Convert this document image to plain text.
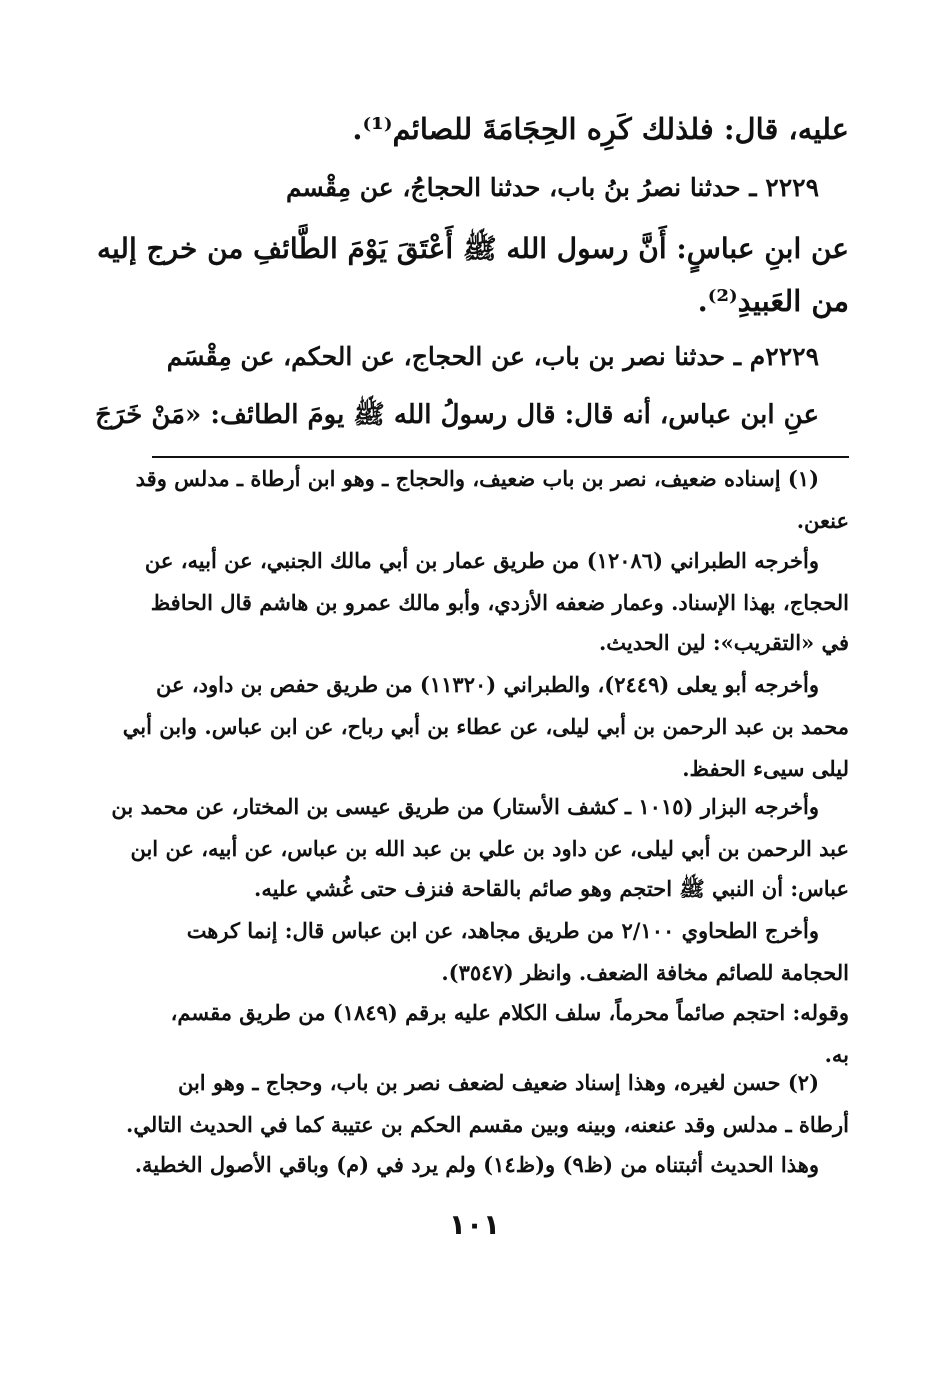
عليه، قال: فلذلك كَرِه الحِجَامَةَ للصائم⁽¹⁾.
٢٢٢٩ ـ حدثنا نصرُ بنُ باب، حدثنا الحجاجُ، عن مِقْسم
عن ابنِ عباسٍ: أَنَّ رسول الله ﷺ أَعْتَقَ يَوْمَ الطَّائفِ من خرج إليه
من العَبيدِ⁽²⁾.
٢٢٢٩م ـ حدثنا نصر بن باب، عن الحجاج، عن الحكم، عن مِقْسَم
عنِ ابن عباس، أنه قال: قال رسولُ الله ﷺ يومَ الطائف: «مَنْ خَرَجَ
(١) إسناده ضعيف، نصر بن باب ضعيف، والحجاج ـ وهو ابن أرطاة ـ مدلس وقد
عنعن.
وأخرجه الطبراني (١٢٠٨٦) من طريق عمار بن أبي مالك الجنبي، عن أبيه، عن
الحجاج، بهذا الإسناد. وعمار ضعفه الأزدي، وأبو مالك عمرو بن هاشم قال الحافظ
في «التقريب»: لين الحديث.
وأخرجه أبو يعلى (٢٤٤٩)، والطبراني (١١٣٢٠) من طريق حفص بن داود، عن
محمد بن عبد الرحمن بن أبي ليلى، عن عطاء بن أبي رباح، عن ابن عباس. وابن أبي
ليلى سيىء الحفظ.
وأخرجه البزار (١٠١٥ ـ كشف الأستار) من طريق عيسى بن المختار، عن محمد بن
عبد الرحمن بن أبي ليلى، عن داود بن علي بن عبد الله بن عباس، عن أبيه، عن ابن
عباس: أن النبي ﷺ احتجم وهو صائم بالقاحة فنزف حتى غُشي عليه.
وأخرج الطحاوي ٢/١٠٠ من طريق مجاهد، عن ابن عباس قال: إنما كرهت
الحجامة للصائم مخافة الضعف. وانظر (٣٥٤٧).
وقوله: احتجم صائماً محرماً، سلف الكلام عليه برقم (١٨٤٩) من طريق مقسم،
به.
(٢) حسن لغيره، وهذا إسناد ضعيف لضعف نصر بن باب، وحجاج ـ وهو ابن
أرطاة ـ مدلس وقد عنعنه، وبينه وبين مقسم الحكم بن عتيبة كما في الحديث التالي.
وهذا الحديث أثبتناه من (ظ٩) و(ظ١٤) ولم يرد في (م) وباقي الأصول الخطية.
١٠١
